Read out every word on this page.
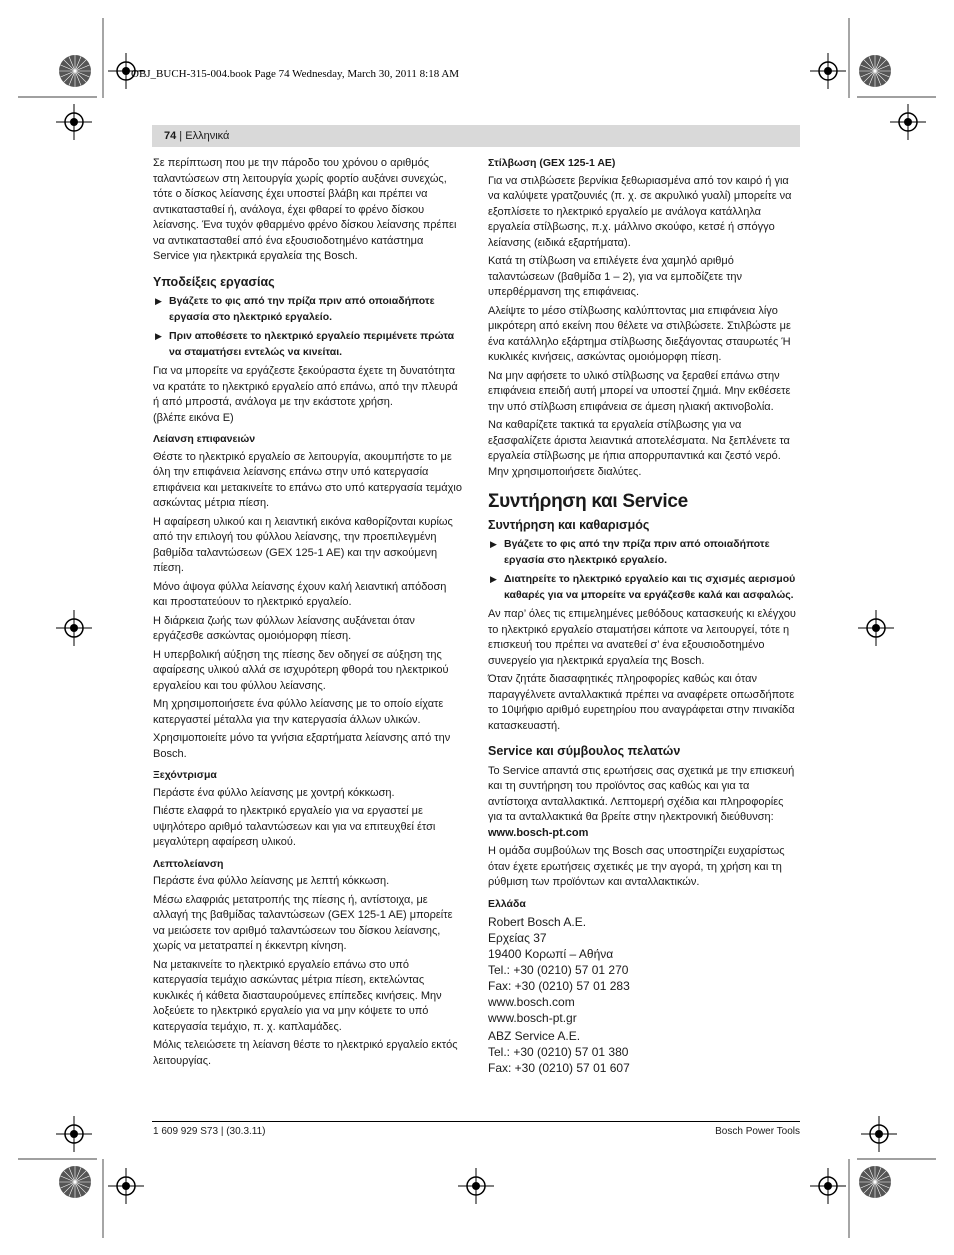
OBJ_BUCH-315-004.book Page 74 Wednesday, March 30, 2011 8:18 AM
74 | Ελληνικά

Σε περίπτωση που με την πάροδο του χρόνου ο αριθμός ταλαντώσεων στη λειτουργία χωρίς φορτίο αυξάνει συνεχώς, τότε ο δίσκος λείανσης έχει υποστεί βλάβη και πρέπει να αντικατασταθεί ή, ανάλογα, έχει φθαρεί το φρένο δίσκου λείανσης. Ένα τυχόν φθαρμένο φρένο δίσκου λείανσης πρέπει να αντικατασταθεί από ένα εξουσιοδοτημένο κατάστημα Service για ηλεκτρικά εργαλεία της Bosch.

Υποδείξεις εργασίας
▶ Βγάζετε το φις από την πρίζα πριν από οποιαδήποτε εργασία στο ηλεκτρικό εργαλείο.
▶ Πριν αποθέσετε το ηλεκτρικό εργαλείο περιμένετε πρώτα να σταματήσει εντελώς να κινείται.

Για να μπορείτε να εργάζεστε ξεκούραστα έχετε τη δυνατότητα να κρατάτε το ηλεκτρικό εργαλείο από επάνω, από την πλευρά ή από μπροστά, ανάλογα με την εκάστοτε χρήση.

(βλέπε εικόνα E)

Λείανση επιφανειών

Θέστε το ηλεκτρικό εργαλείο σε λειτουργία, ακουμπήστε το με όλη την επιφάνεια λείανσης επάνω στην υπό κατεργασία επιφάνεια και μετακινείτε το επάνω στο υπό κατεργασία τεμάχιο ασκώντας μέτρια πίεση.

Η αφαίρεση υλικού και η λειαντική εικόνα καθορίζονται κυρίως από την επιλογή του φύλλου λείανσης, την προεπιλεγμένη βαθμίδα ταλαντώσεων (GEX 125-1 AE) και την ασκούμενη πίεση.

Μόνο άψογα φύλλα λείανσης έχουν καλή λειαντική απόδοση και προστατεύουν το ηλεκτρικό εργαλείο.

Η διάρκεια ζωής των φύλλων λείανσης αυξάνεται όταν εργάζεσθε ασκώντας ομοιόμορφη πίεση.

Η υπερβολική αύξηση της πίεσης δεν οδηγεί σε αύξηση της αφαίρεσης υλικού αλλά σε ισχυρότερη φθορά του ηλεκτρικού εργαλείου και του φύλλου λείανσης.

Μη χρησιμοποιήσετε ένα φύλλο λείανσης με το οποίο είχατε κατεργαστεί μέταλλα για την κατεργασία άλλων υλικών.

Χρησιμοποιείτε μόνο τα γνήσια εξαρτήματα λείανσης από την Bosch.

Ξεχόντρισμα

Περάστε ένα φύλλο λείανσης με χοντρή κόκκωση.

Πιέστε ελαφρά το ηλεκτρικό εργαλείο για να εργαστεί με υψηλότερο αριθμό ταλαντώσεων και για να επιτευχθεί έτσι μεγαλύτερη αφαίρεση υλικού.

Λεπτολείανση

Περάστε ένα φύλλο λείανσης με λεπτή κόκκωση.

Μέσω ελαφριάς μετατροπής της πίεσης ή, αντίστοιχα, με αλλαγή της βαθμίδας ταλαντώσεων (GEX 125-1 AE) μπορείτε να μειώσετε τον αριθμό ταλαντώσεων του δίσκου λείανσης, χωρίς να μετατραπεί η έκκεντρη κίνηση.

Να μετακινείτε το ηλεκτρικό εργαλείο επάνω στο υπό κατεργασία τεμάχιο ασκώντας μέτρια πίεση, εκτελώντας κυκλικές ή κάθετα διασταυρούμενες επίπεδες κινήσεις. Μην λοξεύετε το ηλεκτρικό εργαλείο για να μην κόψετε το υπό κατεργασία τεμάχιο, π. χ. καπλαμάδες.

Μόλις τελειώσετε τη λείανση θέστε το ηλεκτρικό εργαλείο εκτός λειτουργίας.

Στίλβωση (GEX 125-1 AE)

Για να στιλβώσετε βερνίκια ξεθωριασμένα από τον καιρό ή για να καλύψετε γρατζουνιές (π. χ. σε ακρυλικό γυαλί) μπορείτε να εξοπλίσετε το ηλεκτρικό εργαλείο με ανάλογα κατάλληλα εργαλεία στίλβωσης, π.χ. μάλλινο σκούφο, κετσέ ή σπόγγο λείανσης (ειδικά εξαρτήματα).

Κατά τη στίλβωση να επιλέγετε ένα χαμηλό αριθμό ταλαντώσεων (βαθμίδα 1 – 2), για να εμποδίζετε την υπερθέρμανση της επιφάνειας.

Αλείψτε το μέσο στίλβωσης καλύπτοντας μια επιφάνεια λίγο μικρότερη από εκείνη που θέλετε να στιλβώσετε. Στιλβώστε με ένα κατάλληλο εξάρτημα στίλβωσης διεξάγοντας σταυρωτές Ή κυκλικές κινήσεις, ασκώντας ομοιόμορφη πίεση.

Να μην αφήσετε το υλικό στίλβωσης να ξεραθεί επάνω στην επιφάνεια επειδή αυτή μπορεί να υποστεί ζημιά. Μην εκθέσετε την υπό στίλβωση επιφάνεια σε άμεση ηλιακή ακτινοβολία.

Να καθαρίζετε τακτικά τα εργαλεία στίλβωσης για να εξασφαλίζετε άριστα λειαντικά αποτελέσματα. Να ξεπλένετε τα εργαλεία στίλβωσης με ήπια απορρυπαντικά και ζεστό νερό. Μην χρησιμοποιήσετε διαλύτες.

Συντήρηση και Service
Συντήρηση και καθαρισμός
▶ Βγάζετε το φις από την πρίζα πριν από οποιαδήποτε εργασία στο ηλεκτρικό εργαλείο.
▶ Διατηρείτε το ηλεκτρικό εργαλείο και τις σχισμές αερισμού καθαρές για να μπορείτε να εργάζεσθε καλά και ασφαλώς.

Αν παρ’ όλες τις επιμελημένες μεθόδους κατασκευής κι ελέγχου το ηλεκτρικό εργαλείο σταματήσει κάποτε να λειτουργεί, τότε η επισκευή του πρέπει να ανατεθεί σ’ ένα εξουσιοδοτημένο συνεργείο για ηλεκτρικά εργαλεία της Bosch.

Όταν ζητάτε διασαφητικές πληροφορίες καθώς και όταν παραγγέλνετε ανταλλακτικά πρέπει να αναφέρετε οπωσδήποτε το 10ψήφιο αριθμό ευρετηρίου που αναγράφεται στην πινακίδα κατασκευαστή.

Service και σύμβουλος πελατών

Το Service απαντά στις ερωτήσεις σας σχετικά με την επισκευή και τη συντήρηση του προϊόντος σας καθώς και για τα αντίστοιχα ανταλλακτικά. Λεπτομερή σχέδια και πληροφορίες για τα ανταλλακτικά θα βρείτε στην ηλεκτρονική διεύθυνση:

www.bosch-pt.com

Η ομάδα συμβούλων της Bosch σας υποστηρίζει ευχαρίστως όταν έχετε ερωτήσεις σχετικές με την αγορά, τη χρήση και τη ρύθμιση των προϊόντων και ανταλλακτικών.

Ελλάδα

Robert Bosch A.E.

Ερχείας 37

19400 Κορωπί – Αθήνα

Tel.: +30 (0210) 57 01 270

Fax: +30 (0210) 57 01 283

www.bosch.com

www.bosch-pt.gr

ABZ Service A.E.

Tel.: +30 (0210) 57 01 380

Fax: +30 (0210) 57 01 607

1 609 929 S73 | (30.3.11)	Bosch Power Tools
